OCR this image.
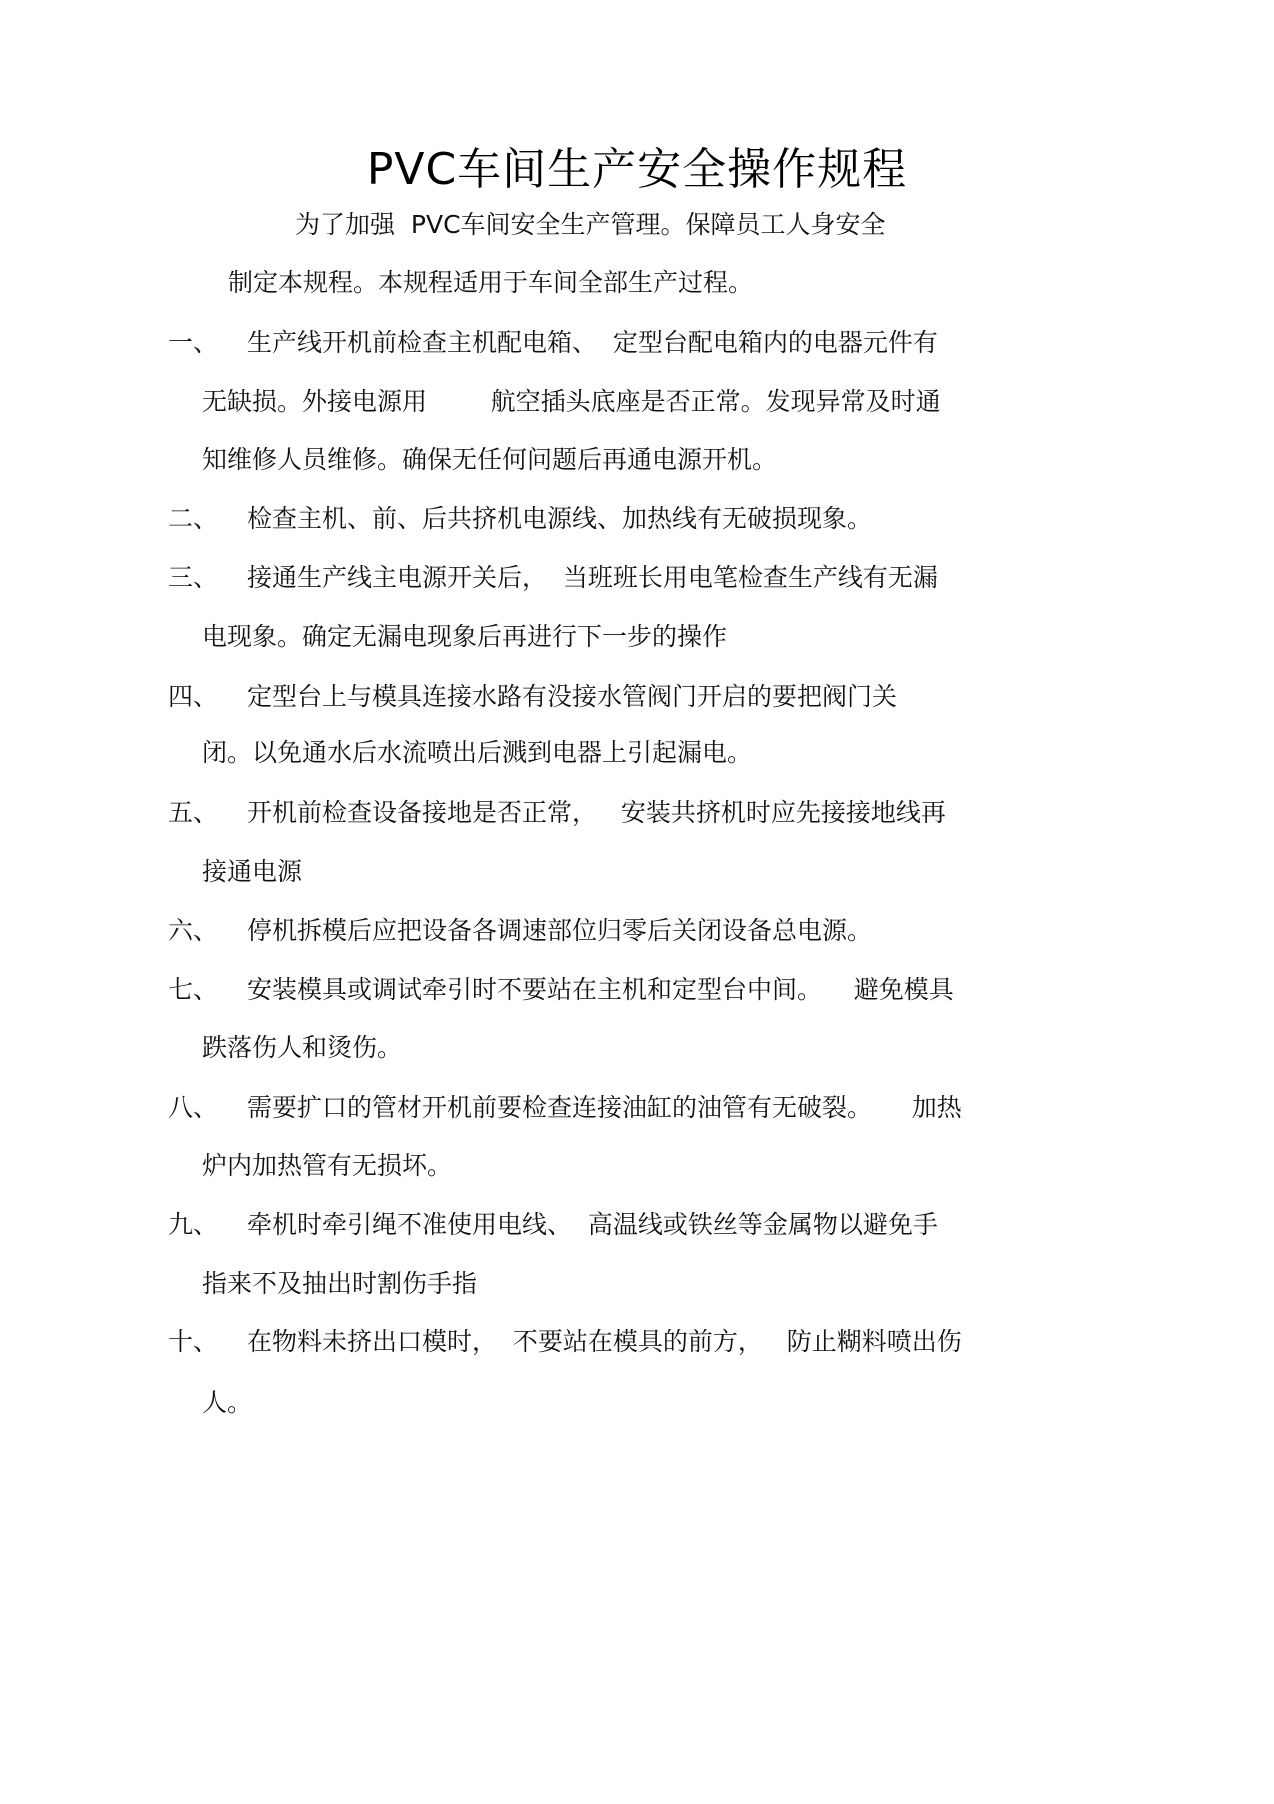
PVC车间生产安全操作规程
为了加强  PVC车间安全生产管理。保障员工人身安全
制定本规程。本规程适用于车间全部生产过程。
一、 生产线开机前检查主机配电箱、  定型台配电箱内的电器元件有
无缺损。外接电源用        航空插头底座是否正常。发现异常及时通
知维修人员维修。确保无任何问题后再通电源开机。
二、 检查主机、前、后共挤机电源线、加热线有无破损现象。
三、 接通生产线主电源开关后，  当班班长用电笔检查生产线有无漏
电现象。确定无漏电现象后再进行下一步的操作
四、 定型台上与模具连接水路有没接水管阀门开启的要把阀门关
闭。以免通水后水流喷出后溅到电器上引起漏电。
五、 开机前检查设备接地是否正常，   安装共挤机时应先接接地线再
接通电源
六、 停机拆模后应把设备各调速部位归零后关闭设备总电源。
七、 安装模具或调试牵引时不要站在主机和定型台中间。    避免模具
跌落伤人和烫伤。
八、 需要扩口的管材开机前要检查连接油缸的油管有无破裂。     加热
炉内加热管有无损坏。
九、 牵机时牵引绳不准使用电线、  高温线或铁丝等金属物以避免手
指来不及抽出时割伤手指
十、 在物料未挤出口模时，  不要站在模具的前方，   防止糊料喷出伤
人。
